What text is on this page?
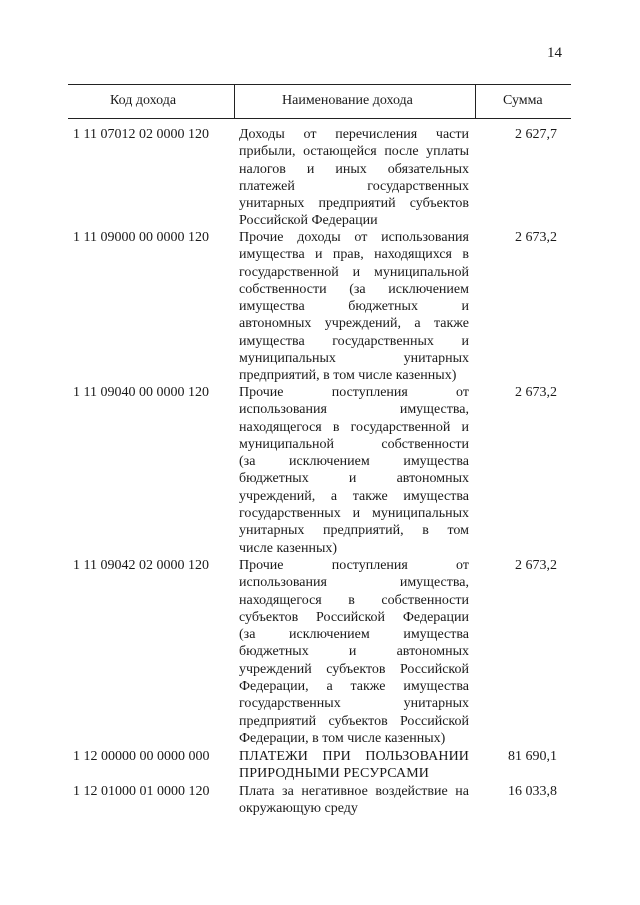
14
Код дохода	Наименование дохода	Сумма
1 11 07012 02 0000 120 Доходы от перечисления части
прибыли, остающейся после уплаты
налогов и иных обязательных
платежей государственных
унитарных предприятий субъектов
Российской Федерации
2 627,7
1 11 09000 00 0000 120 Прочие доходы от использования
имущества и прав, находящихся в
государственной и муниципальной
собственности (за исключением
имущества бюджетных и
автономных учреждений, а также
имущества государственных и
муниципальных унитарных
предприятий, в том числе казенных)
2 673,2
1 11 09040 00 0000 120 Прочие поступления от
использования имущества,
находящегося в государственной и
муниципальной собственности
(за исключением имущества
бюджетных и автономных
учреждений, а также имущества
государственных и муниципальных
унитарных предприятий, в том
числе казенных)
2 673,2
1 11 09042 02 0000 120 Прочие поступления от
использования имущества,
находящегося в собственности
субъектов Российской Федерации
(за исключением имущества
бюджетных и автономных
учреждений субъектов Российской
Федерации, а также имущества
государственных унитарных
предприятий субъектов Российской
Федерации, в том числе казенных)
2 673,2
1 12 00000 00 0000 000 ПЛАТЕЖИ ПРИ ПОЛЬЗОВАНИИ
ПРИРОДНЫМИ РЕСУРСАМИ
81 690,1
1 12 01000 01 0000 120 Плата за негативное воздействие на
окружающую среду
16 033,8
